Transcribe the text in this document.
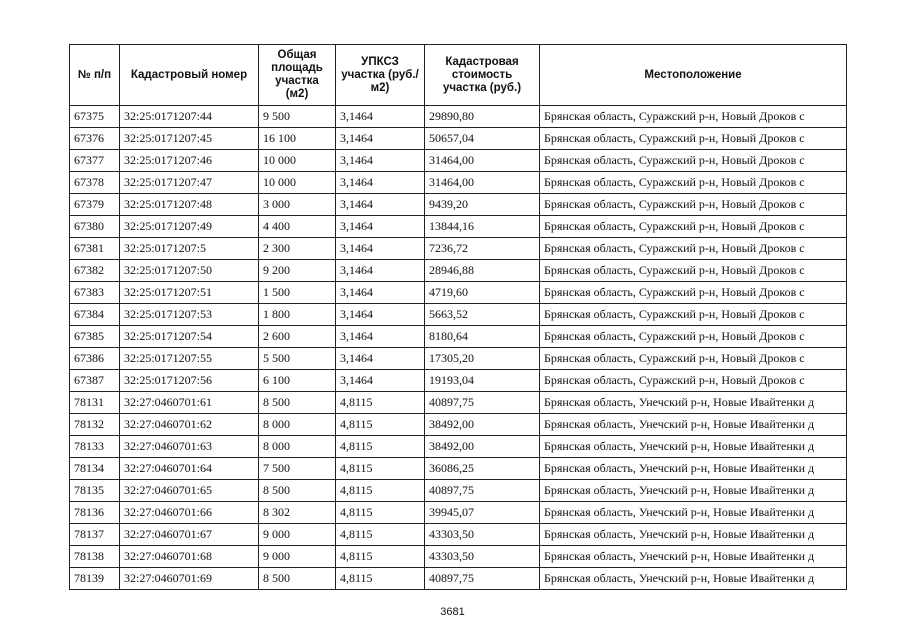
№ п/п	Кадастровый номер	Общая площадь участка (м2)	УПКСЗ участка (руб./м2)	Кадастровая стоимость участка (руб.)	Местоположение
67375	32:25:0171207:44	9 500	3,1464	29890,80	Брянская область, Суражский р-н, Новый Дроков с
67376	32:25:0171207:45	16 100	3,1464	50657,04	Брянская область, Суражский р-н, Новый Дроков с
67377	32:25:0171207:46	10 000	3,1464	31464,00	Брянская область, Суражский р-н, Новый Дроков с
67378	32:25:0171207:47	10 000	3,1464	31464,00	Брянская область, Суражский р-н, Новый Дроков с
67379	32:25:0171207:48	3 000	3,1464	9439,20	Брянская область, Суражский р-н, Новый Дроков с
67380	32:25:0171207:49	4 400	3,1464	13844,16	Брянская область, Суражский р-н, Новый Дроков с
67381	32:25:0171207:5	2 300	3,1464	7236,72	Брянская область, Суражский р-н, Новый Дроков с
67382	32:25:0171207:50	9 200	3,1464	28946,88	Брянская область, Суражский р-н, Новый Дроков с
67383	32:25:0171207:51	1 500	3,1464	4719,60	Брянская область, Суражский р-н, Новый Дроков с
67384	32:25:0171207:53	1 800	3,1464	5663,52	Брянская область, Суражский р-н, Новый Дроков с
67385	32:25:0171207:54	2 600	3,1464	8180,64	Брянская область, Суражский р-н, Новый Дроков с
67386	32:25:0171207:55	5 500	3,1464	17305,20	Брянская область, Суражский р-н, Новый Дроков с
67387	32:25:0171207:56	6 100	3,1464	19193,04	Брянская область, Суражский р-н, Новый Дроков с
78131	32:27:0460701:61	8 500	4,8115	40897,75	Брянская область, Унечский р-н, Новые Ивайтенки д
78132	32:27:0460701:62	8 000	4,8115	38492,00	Брянская область, Унечский р-н, Новые Ивайтенки д
78133	32:27:0460701:63	8 000	4,8115	38492,00	Брянская область, Унечский р-н, Новые Ивайтенки д
78134	32:27:0460701:64	7 500	4,8115	36086,25	Брянская область, Унечский р-н, Новые Ивайтенки д
78135	32:27:0460701:65	8 500	4,8115	40897,75	Брянская область, Унечский р-н, Новые Ивайтенки д
78136	32:27:0460701:66	8 302	4,8115	39945,07	Брянская область, Унечский р-н, Новые Ивайтенки д
78137	32:27:0460701:67	9 000	4,8115	43303,50	Брянская область, Унечский р-н, Новые Ивайтенки д
78138	32:27:0460701:68	9 000	4,8115	43303,50	Брянская область, Унечский р-н, Новые Ивайтенки д
78139	32:27:0460701:69	8 500	4,8115	40897,75	Брянская область, Унечский р-н, Новые Ивайтенки д
3681
